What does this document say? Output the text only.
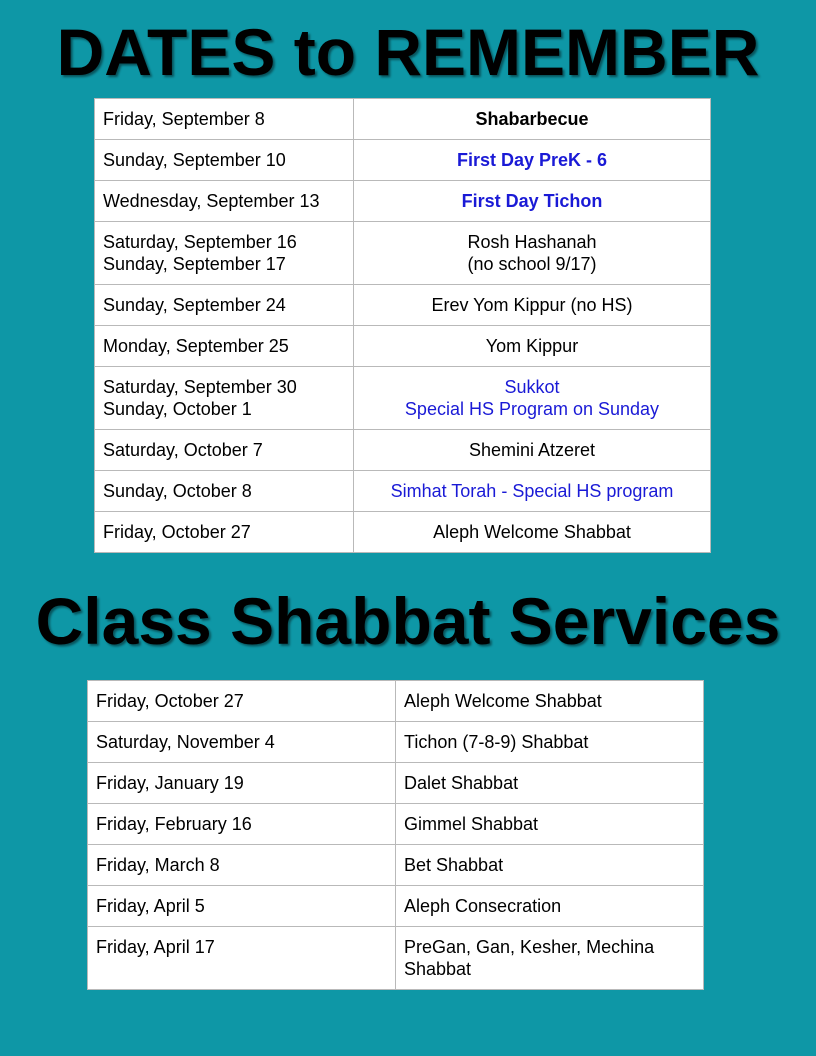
DATES to REMEMBER
Friday, September 8	Shabarbecue

Sunday, September 10	First Day PreK - 6

Wednesday, September 13	First Day Tichon

Saturday, September 16
Sunday, September 17	Rosh Hashanah
(no school 9/17)

Sunday, September 24	Erev Yom Kippur (no HS)

Monday, September 25	Yom Kippur

Saturday, September 30
Sunday, October 1	Sukkot
Special HS Program on Sunday

Saturday, October 7	Shemini Atzeret

Sunday, October 8	Simhat Torah - Special HS program

Friday, October 27	Aleph Welcome Shabbat
Class Shabbat Services
Friday, October 27	Aleph Welcome Shabbat
Saturday, November 4	Tichon (7-8-9) Shabbat
Friday, January 19	Dalet Shabbat
Friday, February 16	Gimmel Shabbat
Friday, March 8	Bet Shabbat
Friday, April 5	Aleph Consecration
Friday, April 17	PreGan, Gan, Kesher, Mechina Shabbat
